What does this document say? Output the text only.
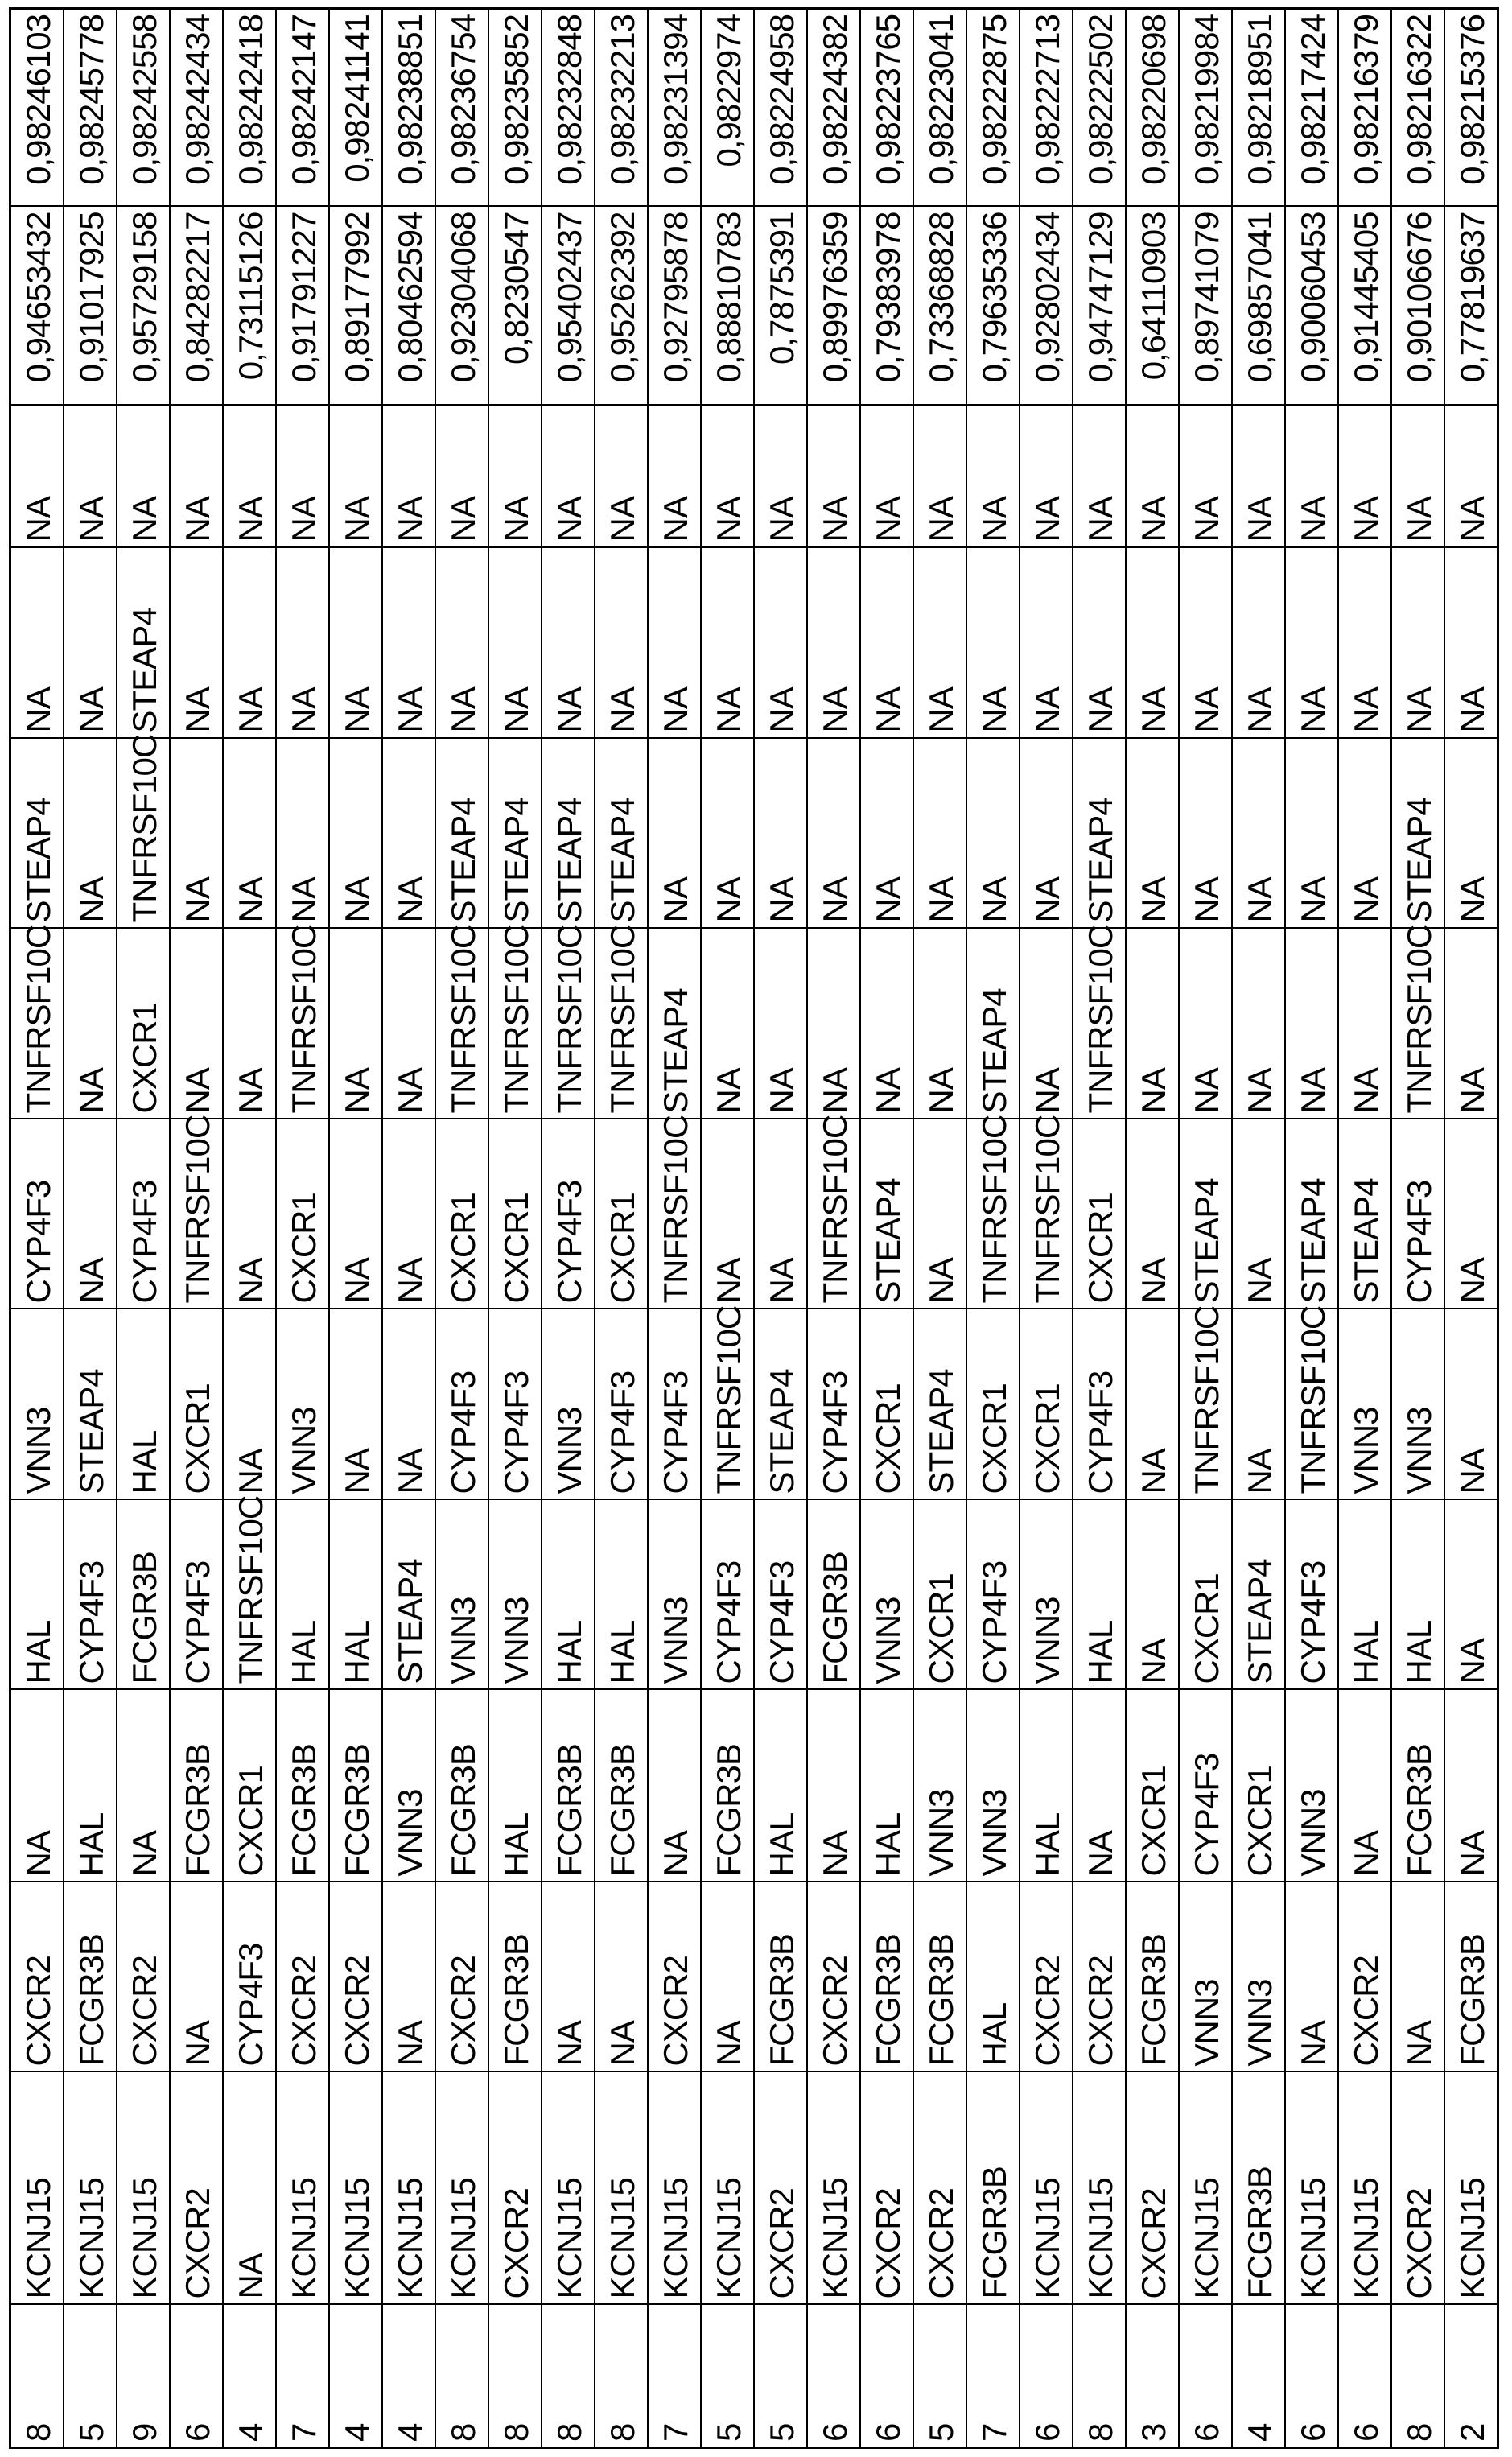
8	KCNJ15	CXCR2	NA	HAL	VNN3	CYP4F3	TNFRSF10C	STEAP4	NA	NA	0,94653432	0,98246103
5	KCNJ15	FCGR3B	HAL	CYP4F3	STEAP4	NA	NA	NA	NA	NA	0,91017925	0,98245778
9	KCNJ15	CXCR2	NA	FCGR3B	HAL	CYP4F3	CXCR1	TNFRSF10C	STEAP4	NA	0,95729158	0,98242558
6	CXCR2	NA	FCGR3B	CYP4F3	CXCR1	TNFRSF10C	NA	NA	NA	NA	0,84282217	0,98242434
4	NA	CYP4F3	CXCR1	TNFRSF10C	NA	NA	NA	NA	NA	NA	0,73115126	0,98242418
7	KCNJ15	CXCR2	FCGR3B	HAL	VNN3	CXCR1	TNFRSF10C	NA	NA	NA	0,91791227	0,98242147
4	KCNJ15	CXCR2	FCGR3B	HAL	NA	NA	NA	NA	NA	NA	0,89177992	0,98241141
4	KCNJ15	NA	VNN3	STEAP4	NA	NA	NA	NA	NA	NA	0,80462594	0,98238851
8	KCNJ15	CXCR2	FCGR3B	VNN3	CYP4F3	CXCR1	TNFRSF10C	STEAP4	NA	NA	0,92304068	0,98236754
8	CXCR2	FCGR3B	HAL	VNN3	CYP4F3	CXCR1	TNFRSF10C	STEAP4	NA	NA	0,8230547	0,98235852
8	KCNJ15	NA	FCGR3B	HAL	VNN3	CYP4F3	TNFRSF10C	STEAP4	NA	NA	0,95402437	0,98232848
8	KCNJ15	NA	FCGR3B	HAL	CYP4F3	CXCR1	TNFRSF10C	STEAP4	NA	NA	0,95262392	0,98232213
7	KCNJ15	CXCR2	NA	VNN3	CYP4F3	TNFRSF10C	STEAP4	NA	NA	NA	0,92795878	0,98231394
5	KCNJ15	NA	FCGR3B	CYP4F3	TNFRSF10C	NA	NA	NA	NA	NA	0,88810783	0,9822974
5	CXCR2	FCGR3B	HAL	CYP4F3	STEAP4	NA	NA	NA	NA	NA	0,7875391	0,98224958
6	KCNJ15	CXCR2	NA	FCGR3B	CYP4F3	TNFRSF10C	NA	NA	NA	NA	0,89976359	0,98224382
6	CXCR2	FCGR3B	HAL	VNN3	CXCR1	STEAP4	NA	NA	NA	NA	0,79383978	0,98223765
5	CXCR2	FCGR3B	VNN3	CXCR1	STEAP4	NA	NA	NA	NA	NA	0,73368828	0,98223041
7	FCGR3B	HAL	VNN3	CYP4F3	CXCR1	TNFRSF10C	STEAP4	NA	NA	NA	0,79635336	0,98222875
6	KCNJ15	CXCR2	HAL	VNN3	CXCR1	TNFRSF10C	NA	NA	NA	NA	0,92802434	0,98222713
8	KCNJ15	CXCR2	NA	HAL	CYP4F3	CXCR1	TNFRSF10C	STEAP4	NA	NA	0,94747129	0,98222502
3	CXCR2	FCGR3B	CXCR1	NA	NA	NA	NA	NA	NA	NA	0,64110903	0,98220698
6	KCNJ15	VNN3	CYP4F3	CXCR1	TNFRSF10C	STEAP4	NA	NA	NA	NA	0,89741079	0,98219984
4	FCGR3B	VNN3	CXCR1	STEAP4	NA	NA	NA	NA	NA	NA	0,69857041	0,98218951
6	KCNJ15	NA	VNN3	CYP4F3	TNFRSF10C	STEAP4	NA	NA	NA	NA	0,90060453	0,98217424
6	KCNJ15	CXCR2	NA	HAL	VNN3	STEAP4	NA	NA	NA	NA	0,91445405	0,98216379
8	CXCR2	NA	FCGR3B	HAL	VNN3	CYP4F3	TNFRSF10C	STEAP4	NA	NA	0,90106676	0,98216322
2	KCNJ15	FCGR3B	NA	NA	NA	NA	NA	NA	NA	NA	0,77819637	0,98215376
